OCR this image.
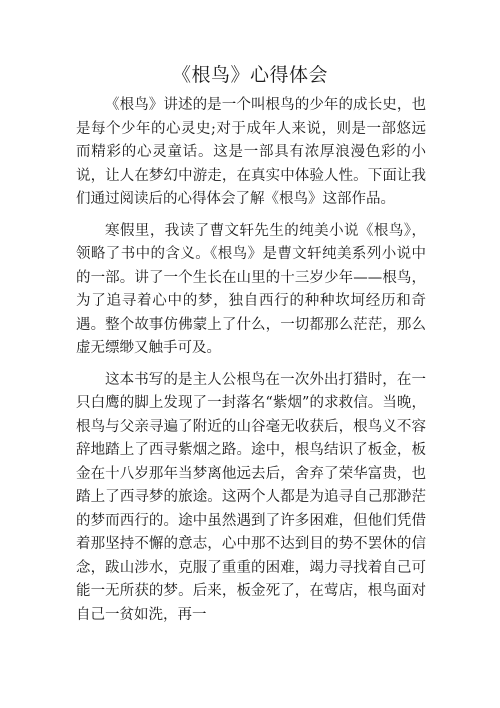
《根鸟》心得体会

《根鸟》讲述的是一个叫根鸟的少年的成长史，也是每个少年的心灵史;对于成年人来说，则是一部悠远而精彩的心灵童话。这是一部具有浓厚浪漫色彩的小说，让人在梦幻中游走，在真实中体验人性。下面让我们通过阅读后的心得体会了解《根鸟》这部作品。

寒假里，我读了曹文轩先生的纯美小说《根鸟》，领略了书中的含义。《根鸟》是曹文轩纯美系列小说中的一部。讲了一个生长在山里的十三岁少年——根鸟，为了追寻着心中的梦，独自西行的种种坎坷经历和奇遇。整个故事仿佛蒙上了什么，一切都那么茫茫，那么虚无缥缈又触手可及。

这本书写的是主人公根鸟在一次外出打猎时，在一只白鹰的脚上发现了一封落名“紫烟”的求救信。当晚，根鸟与父亲寻遍了附近的山谷毫无收获后，根鸟义不容辞地踏上了西寻紫烟之路。途中，根鸟结识了板金，板金在十八岁那年当梦离他远去后，舍弃了荣华富贵，也踏上了西寻梦的旅途。这两个人都是为追寻自己那渺茫的梦而西行的。途中虽然遇到了许多困难，但他们凭借着那坚持不懈的意志，心中那不达到目的势不罢休的信念，跋山涉水，克服了重重的困难，竭力寻找着自己可能一无所获的梦。后来，板金死了，在莺店，根鸟面对自己一贫如洗，再一
